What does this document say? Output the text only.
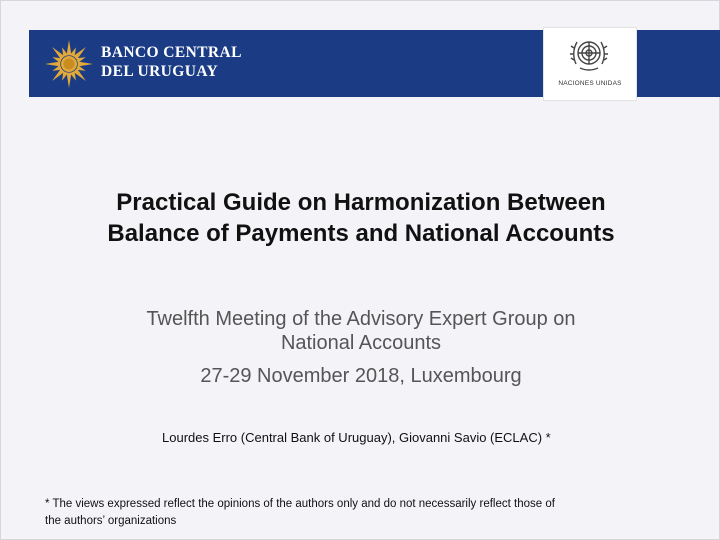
BANCO CENTRAL
DEL URUGUAY
NACIONES UNIDAS
Practical Guide on Harmonization Between
Balance of Payments and National Accounts
Twelfth Meeting of the Advisory Expert Group on
National Accounts
27-29 November 2018, Luxembourg
Lourdes Erro (Central Bank of Uruguay), Giovanni Savio (ECLAC) *
* The views expressed reflect the opinions of the authors only and do not necessarily reflect those of
the authors’ organizations
